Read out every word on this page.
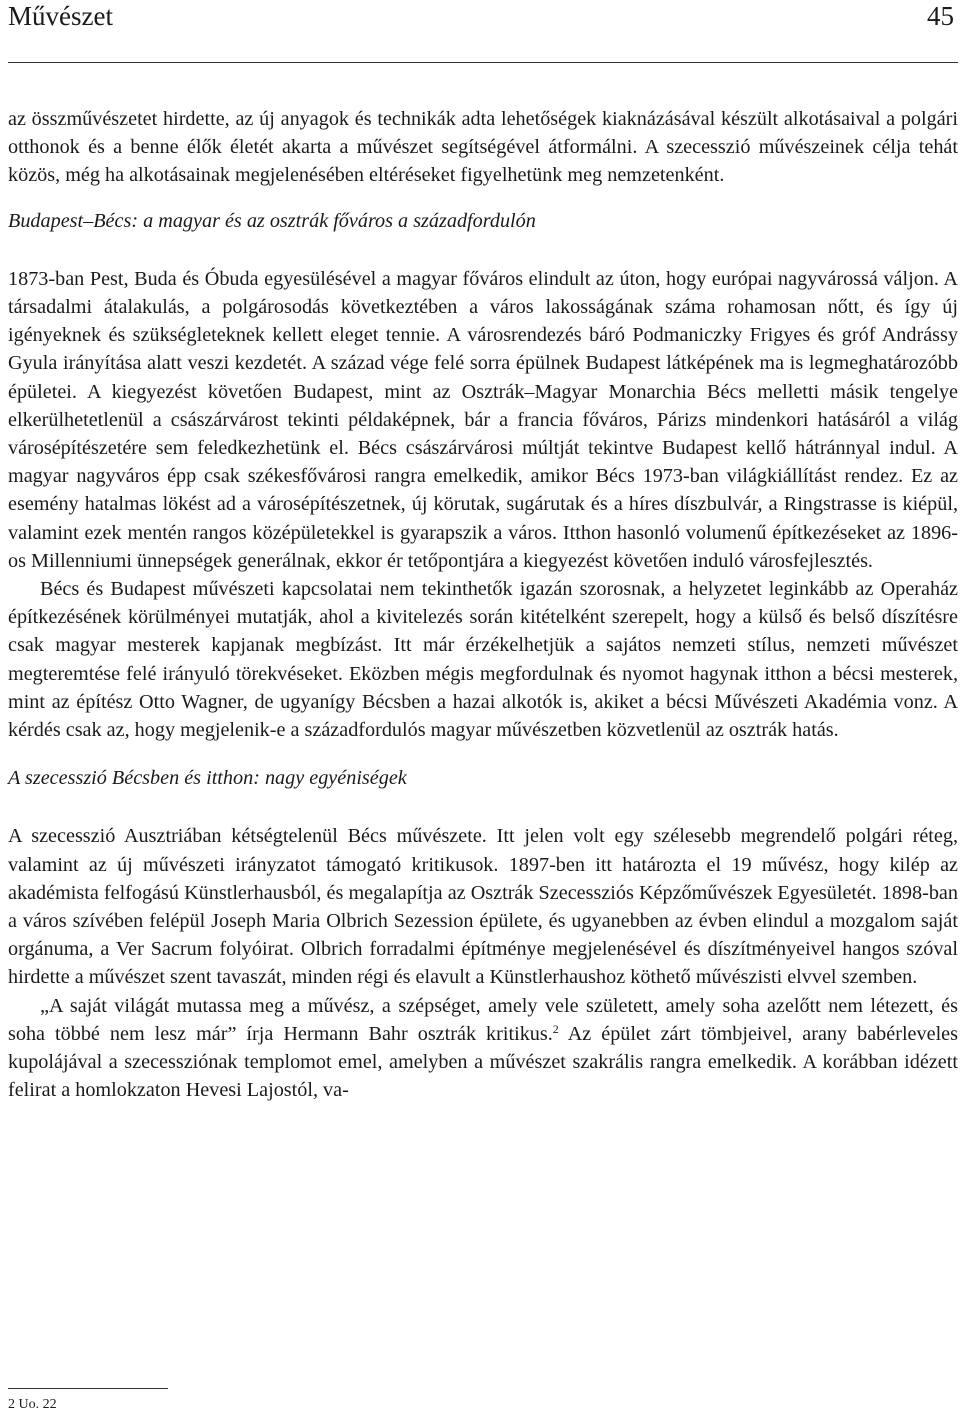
Művészet	45

az összművészetet hirdette, az új anyagok és technikák adta lehetőségek kiaknázásával készült alkotásaival a polgári otthonok és a benne élők életét akarta a művészet segítségével átformálni. A szecesszió művészeinek célja tehát közös, még ha alkotásainak megjelenésében eltéréseket figyelhetünk meg nemzetenként.

Budapest–Bécs: a magyar és az osztrák főváros a századfordulón

1873-ban Pest, Buda és Óbuda egyesülésével a magyar főváros elindult az úton, hogy európai nagyvárossá váljon. A társadalmi átalakulás, a polgárosodás következtében a város lakosságának száma rohamosan nőtt, és így új igényeknek és szükségleteknek kellett eleget tennie. A városrendezés báró Podmaniczky Frigyes és gróf Andrássy Gyula irányítása alatt veszi kezdetét. A század vége felé sorra épülnek Budapest látképének ma is legmeghatározóbb épületei. A kiegyezést követően Budapest, mint az Osztrák–Magyar Monarchia Bécs melletti másik tengelye elkerülhetetlenül a császárvárost tekinti példaképnek, bár a francia főváros, Párizs mindenkori hatásáról a világ városépítészetére sem feledkezhetünk el. Bécs császárvárosi múltját tekintve Budapest kellő hátránnyal indul. A magyar nagyváros épp csak székesfővárosi rangra emelkedik, amikor Bécs 1973-ban világkiállítást rendez. Ez az esemény hatalmas lökést ad a városépítészetnek, új körutak, sugárutak és a híres díszbulvár, a Ringstrasse is kiépül, valamint ezek mentén rangos középületekkel is gyarapszik a város. Itthon hasonló volumenű építkezéseket az 1896-os Millenniumi ünnepségek generálnak, ekkor ér tetőpontjára a kiegyezést követően induló városfejlesztés.

Bécs és Budapest művészeti kapcsolatai nem tekinthetők igazán szorosnak, a helyzetet leginkább az Operaház építkezésének körülményei mutatják, ahol a kivitelezés során kitételként szerepelt, hogy a külső és belső díszítésre csak magyar mesterek kapjanak megbízást. Itt már érzékelhetjük a sajátos nemzeti stílus, nemzeti művészet megteremtése felé irányuló törekvéseket. Eközben mégis megfordulnak és nyomot hagynak itthon a bécsi mesterek, mint az építész Otto Wagner, de ugyanígy Bécsben a hazai alkotók is, akiket a bécsi Művészeti Akadémia vonz. A kérdés csak az, hogy megjelenik-e a századfordulós magyar művészetben közvetlenül az osztrák hatás.

A szecesszió Bécsben és itthon: nagy egyéniségek

A szecesszió Ausztriában kétségtelenül Bécs művészete. Itt jelen volt egy szélesebb megrendelő polgári réteg, valamint az új művészeti irányzatot támogató kritikusok. 1897-ben itt határozta el 19 művész, hogy kilép az akadémista felfogású Künstlerhausból, és megalapítja az Osztrák Szecessziós Képzőművészek Egyesületét. 1898-ban a város szívében felépül Joseph Maria Olbrich Sezession épülete, és ugyanebben az évben elindul a mozgalom saját orgánuma, a Ver Sacrum folyóirat. Olbrich forradalmi építménye megjelenésével és díszítményeivel hangos szóval hirdette a művészet szent tavaszát, minden régi és elavult a Künstlerhaushoz köthető művészisti elvvel szemben.

„A saját világát mutassa meg a művész, a szépséget, amely vele született, amely soha azelőtt nem létezett, és soha többé nem lesz már” írja Hermann Bahr osztrák kritikus.$^2$ Az épület zárt tömbjeivel, arany babérleveles kupolájával a szecessziónak templomot emel, amelyben a művészet szakrális rangra emelkedik. A korábban idézett felirat a homlokzaton Hevesi Lajostól, va-

2 Uo. 22
